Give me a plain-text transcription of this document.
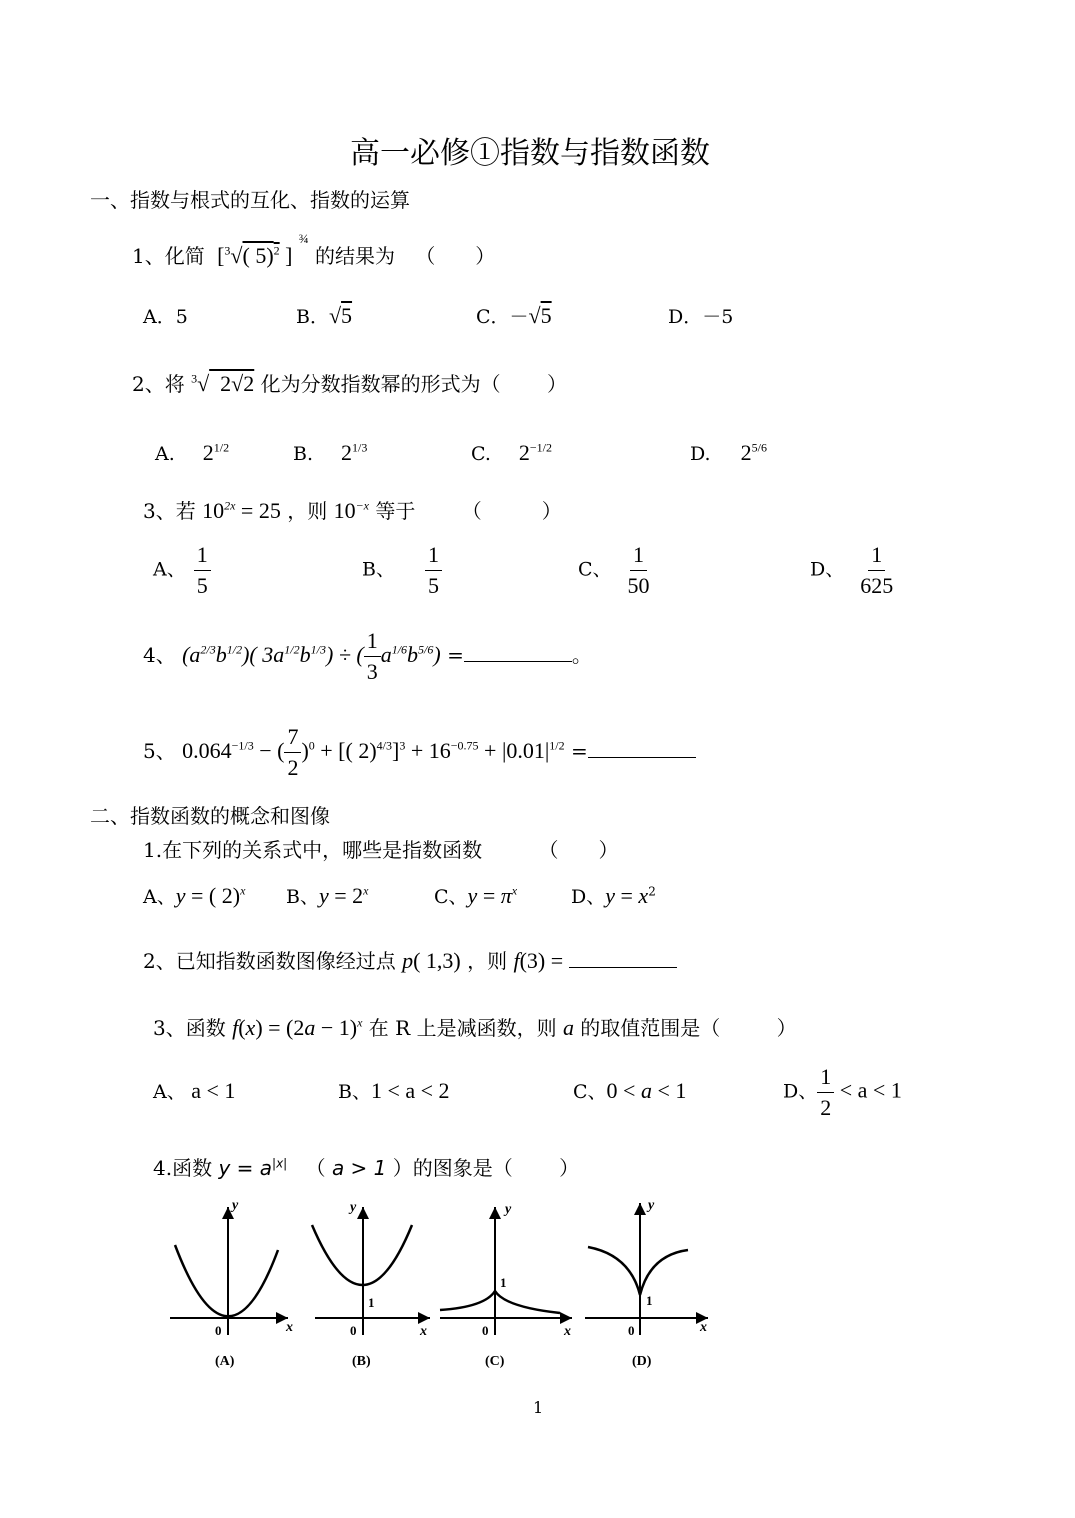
高一必修①指数与指数函数
一、指数与根式的互化、指数的运算
1、化简 [$^3$√( 5)$^2$ ] $^{\frac{3}{4}}$ 的结果为 （　　）
A．5	B．√5	C．－√5	D．－5
2、将 $^3$√  2√2 化为分数指数幂的形式为（ ）
A. $2^{1/2}$	B. $2^{1/3}$	C. $2^{-1/2}$	D. $2^{5/6}$
3、若 $10^{2x} = 25$ ，则 $10^{-x}$ 等于 （　　　）
A、 $\frac{1}{5}$	B、 $\frac{1}{5}$	C、 $\frac{1}{50}$	D、 $\frac{1}{625}$
4、 $(a^{2/3}b^{1/2})$( $3a^{1/2}b^{1/3}$) ÷ ( $\frac{1}{3} a^{1/6}b^{5/6}$) =	。
5、 $0.064^{-1/3}$ − ( $\frac{7}{2} )^0$ + [( $2)^{4/3}]^3 + 16^{-0.75} + |0.01|^{1/2}$ =
二、指数函数的概念和图像
1.在下列的关系式中，哪些是指数函数	（　　）
A、y = ( 2)$^x$ B、$y = 2^x$	C、$y = \pi^x$	D、$y = x^2$
2、已知指数函数图像经过点 p( 1,3) ，则 f(3) =
3、函数 $f(x) = (2a - 1)^x$ 在 R 上是减函数，则 a 的取值范围是（	）
A、 a < 1	B、1 < a < 2	C、0 < a < 1	D、 $\frac{1}{2} < a < 1$
4.函数 $y = a^{|x|}$ （ a > 1 ）的图象是（ ）
y
x
0
(A)
y
x
0
1
(B)
y
x
0
1
(C)
y
x
0
1
(D)
1
